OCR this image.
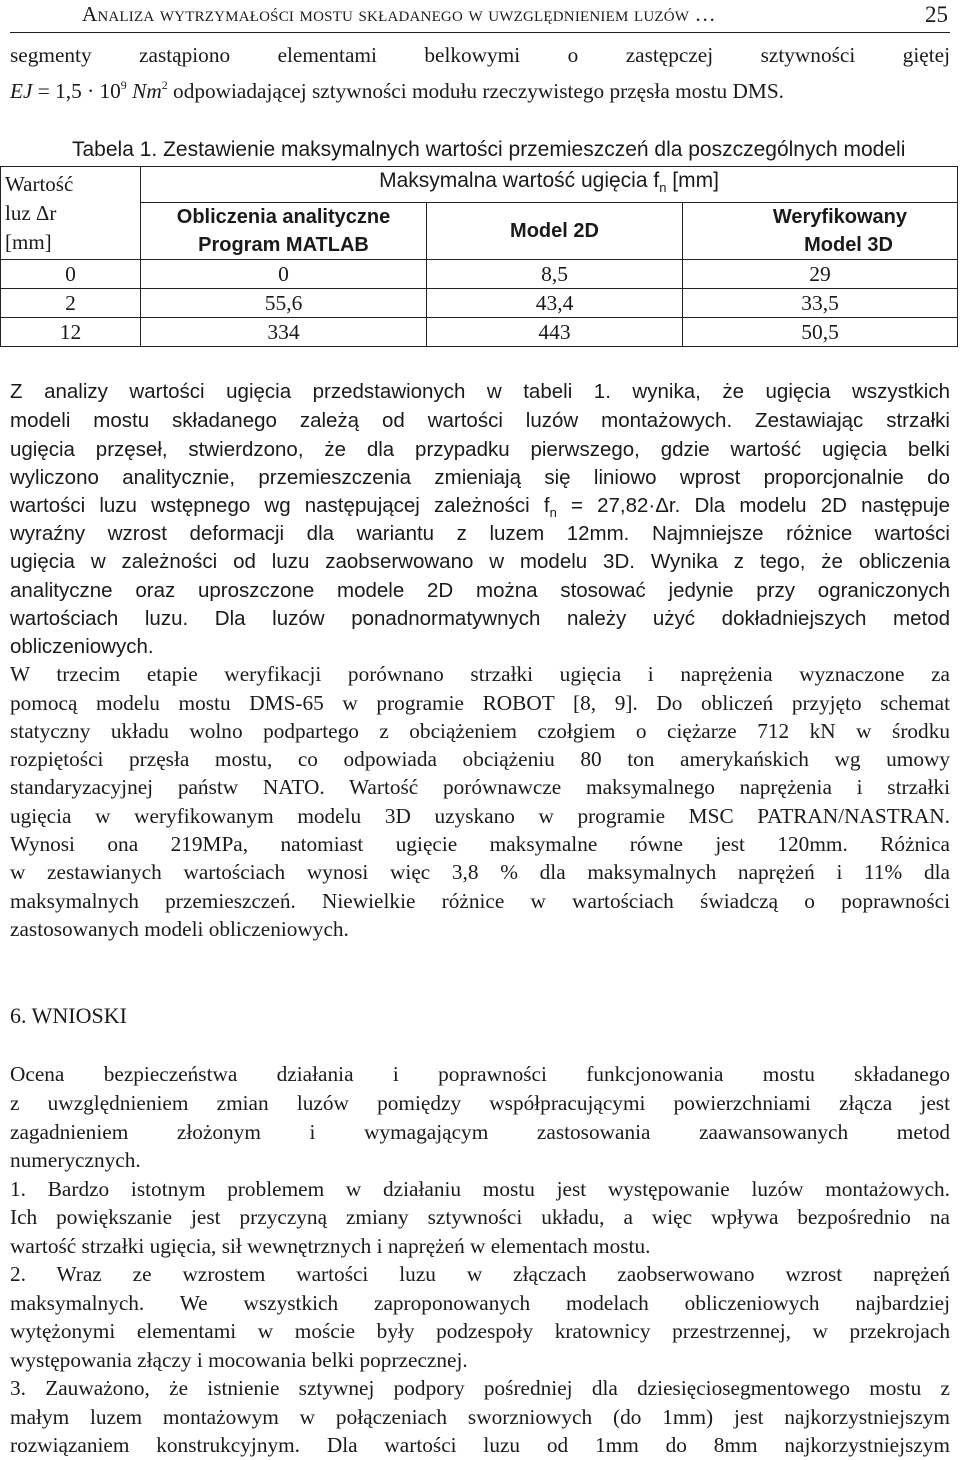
Analiza wytrzymałości mostu składanego w uwzględnieniem luzów …	25
segmenty zastąpiono elementami belkowymi o zastępczej sztywności giętej
EJ = $1,5 \cdot 10^9$ Nm$^2$ odpowiadającej sztywności modułu rzeczywistego przęsła mostu DMS.
Tabela 1. Zestawienie maksymalnych wartości przemieszczeń dla poszczególnych modeli
Wartość
luz Δr
[mm]	Maksymalna wartość ugięcia $f_n$ [mm]		
	Obliczenia analityczne	Model 2D	Weryfikowany
	Program MATLAB		Model 3D
0	0	8,5	29
2	55,6	43,4	33,5
12	334	443	50,5
Z analizy wartości ugięcia przedstawionych w tabeli 1. wynika, że ugięcia wszystkich
modeli mostu składanego zależą od wartości luzów montażowych. Zestawiając strzałki
ugięcia przęseł, stwierdzono, że dla przypadku pierwszego, gdzie wartość ugięcia belki
wyliczono analitycznie, przemieszczenia zmieniają się liniowo wprost proporcjonalnie do
wartości luzu wstępnego wg następującej zależności $f_n = 27,82\cdot\Delta r$. Dla modelu 2D następuje
wyraźny wzrost deformacji dla wariantu z luzem 12mm. Najmniejsze różnice wartości
ugięcia w zależności od luzu zaobserwowano w modelu 3D. Wynika z tego, że obliczenia
analityczne oraz uproszczone modele 2D można stosować jedynie przy ograniczonych
wartościach luzu. Dla luzów ponadnormatywnych należy użyć dokładniejszych metod
obliczeniowych.
W trzecim etapie weryfikacji porównano strzałki ugięcia i naprężenia wyznaczone za
pomocą modelu mostu DMS-65 w programie ROBOT [8, 9]. Do obliczeń przyjęto schemat
statyczny układu wolno podpartego z obciążeniem czołgiem o ciężarze 712 kN w środku
rozpiętości przęsła mostu, co odpowiada obciążeniu 80 ton amerykańskich wg umowy
standaryzacyjnej państw NATO. Wartość porównawcze maksymalnego naprężenia i strzałki
ugięcia w weryfikowanym modelu 3D uzyskano w programie MSC PATRAN/NASTRAN.
Wynosi ona 219MPa, natomiast ugięcie maksymalne równe jest 120mm. Różnica
w zestawianych wartościach wynosi więc 3,8 % dla maksymalnych naprężeń i 11% dla
maksymalnych przemieszczeń. Niewielkie różnice w wartościach świadczą o poprawności
zastosowanych modeli obliczeniowych.
6. WNIOSKI
Ocena bezpieczeństwa działania i poprawności funkcjonowania mostu składanego
z uwzględnieniem zmian luzów pomiędzy współpracującymi powierzchniami złącza jest
zagadnieniem złożonym i wymagającym zastosowania zaawansowanych metod
numerycznych.
1. Bardzo istotnym problemem w działaniu mostu jest występowanie luzów montażowych.
Ich powiększanie jest przyczyną zmiany sztywności układu, a więc wpływa bezpośrednio na
wartość strzałki ugięcia, sił wewnętrznych i naprężeń w elementach mostu.
2. Wraz ze wzrostem wartości luzu w złączach zaobserwowano wzrost naprężeń
maksymalnych. We wszystkich zaproponowanych modelach obliczeniowych najbardziej
wytężonymi elementami w moście były podzespoły kratownicy przestrzennej, w przekrojach
występowania złączy i mocowania belki poprzecznej.
3. Zauważono, że istnienie sztywnej podpory pośredniej dla dziesięciosegmentowego mostu z
małym luzem montażowym w połączeniach sworzniowych (do 1mm) jest najkorzystniejszym
rozwiązaniem konstrukcyjnym. Dla wartości luzu od 1mm do 8mm najkorzystniejszym
